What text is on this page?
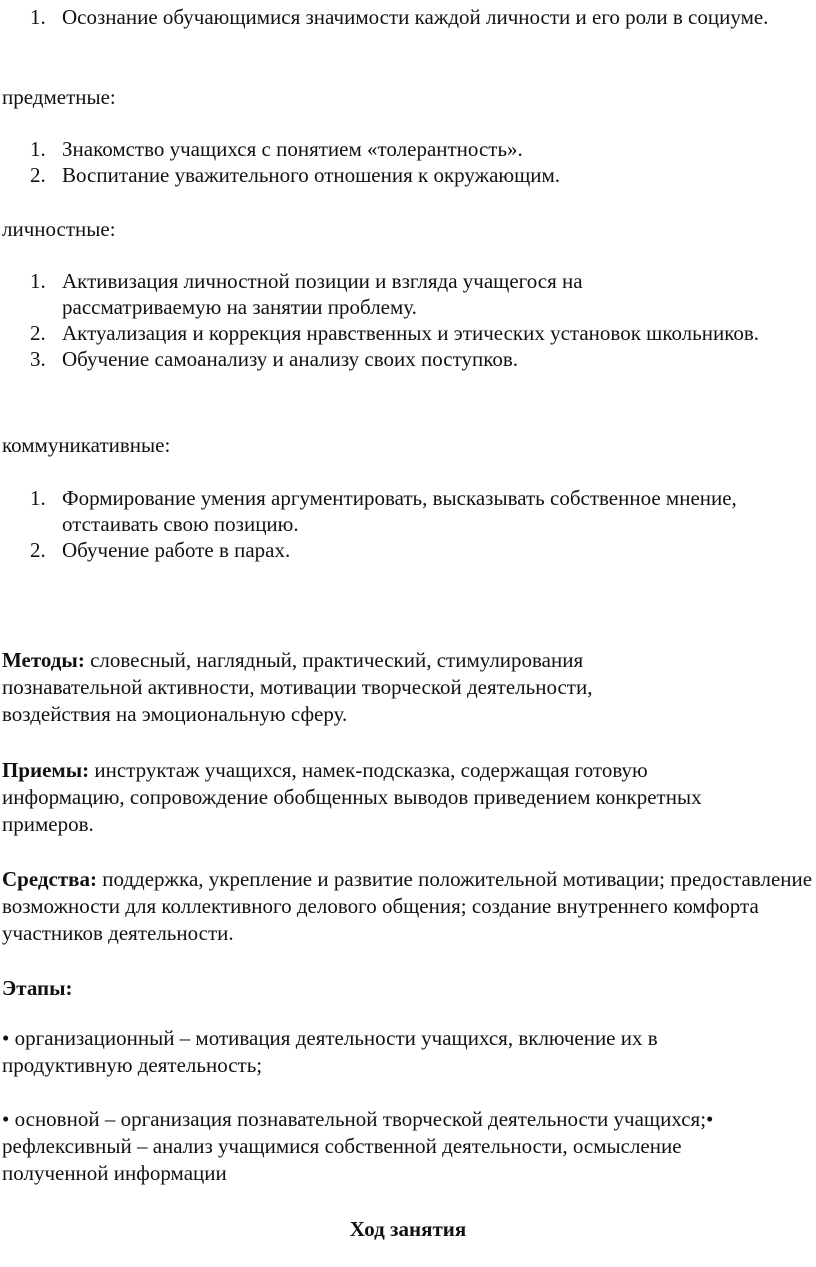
1. Осознание обучающимися значимости каждой личности и его роли в социуме.

предметные:

1. Знакомство учащихся с понятием «толерантность».
2. Воспитание уважительного отношения к окружающим.

личностные:

1. Активизация личностной позиции и взгляда учащегося на рассматриваемую на занятии проблему.
2. Актуализация и коррекция нравственных и этических установок школьников.
3. Обучение самоанализу и анализу своих поступков.

коммуникативные:

1. Формирование умения аргументировать, высказывать собственное мнение, отстаивать свою позицию.
2. Обучение работе в парах.

Методы: словесный, наглядный, практический, стимулирования познавательной активности, мотивации творческой деятельности, воздействия на эмоциональную сферу.

Приемы: инструктаж учащихся, намек-подсказка, содержащая готовую информацию, сопровождение обобщенных выводов приведением конкретных примеров.

Средства: поддержка, укрепление и развитие положительной мотивации; предоставление возможности для коллективного делового общения; создание внутреннего комфорта участников деятельности.

Этапы:

• организационный – мотивация деятельности учащихся, включение их в продуктивную деятельность;

• основной – организация познавательной творческой деятельности учащихся;• рефлексивный – анализ учащимися собственной деятельности, осмысление полученной информации

Ход занятия
